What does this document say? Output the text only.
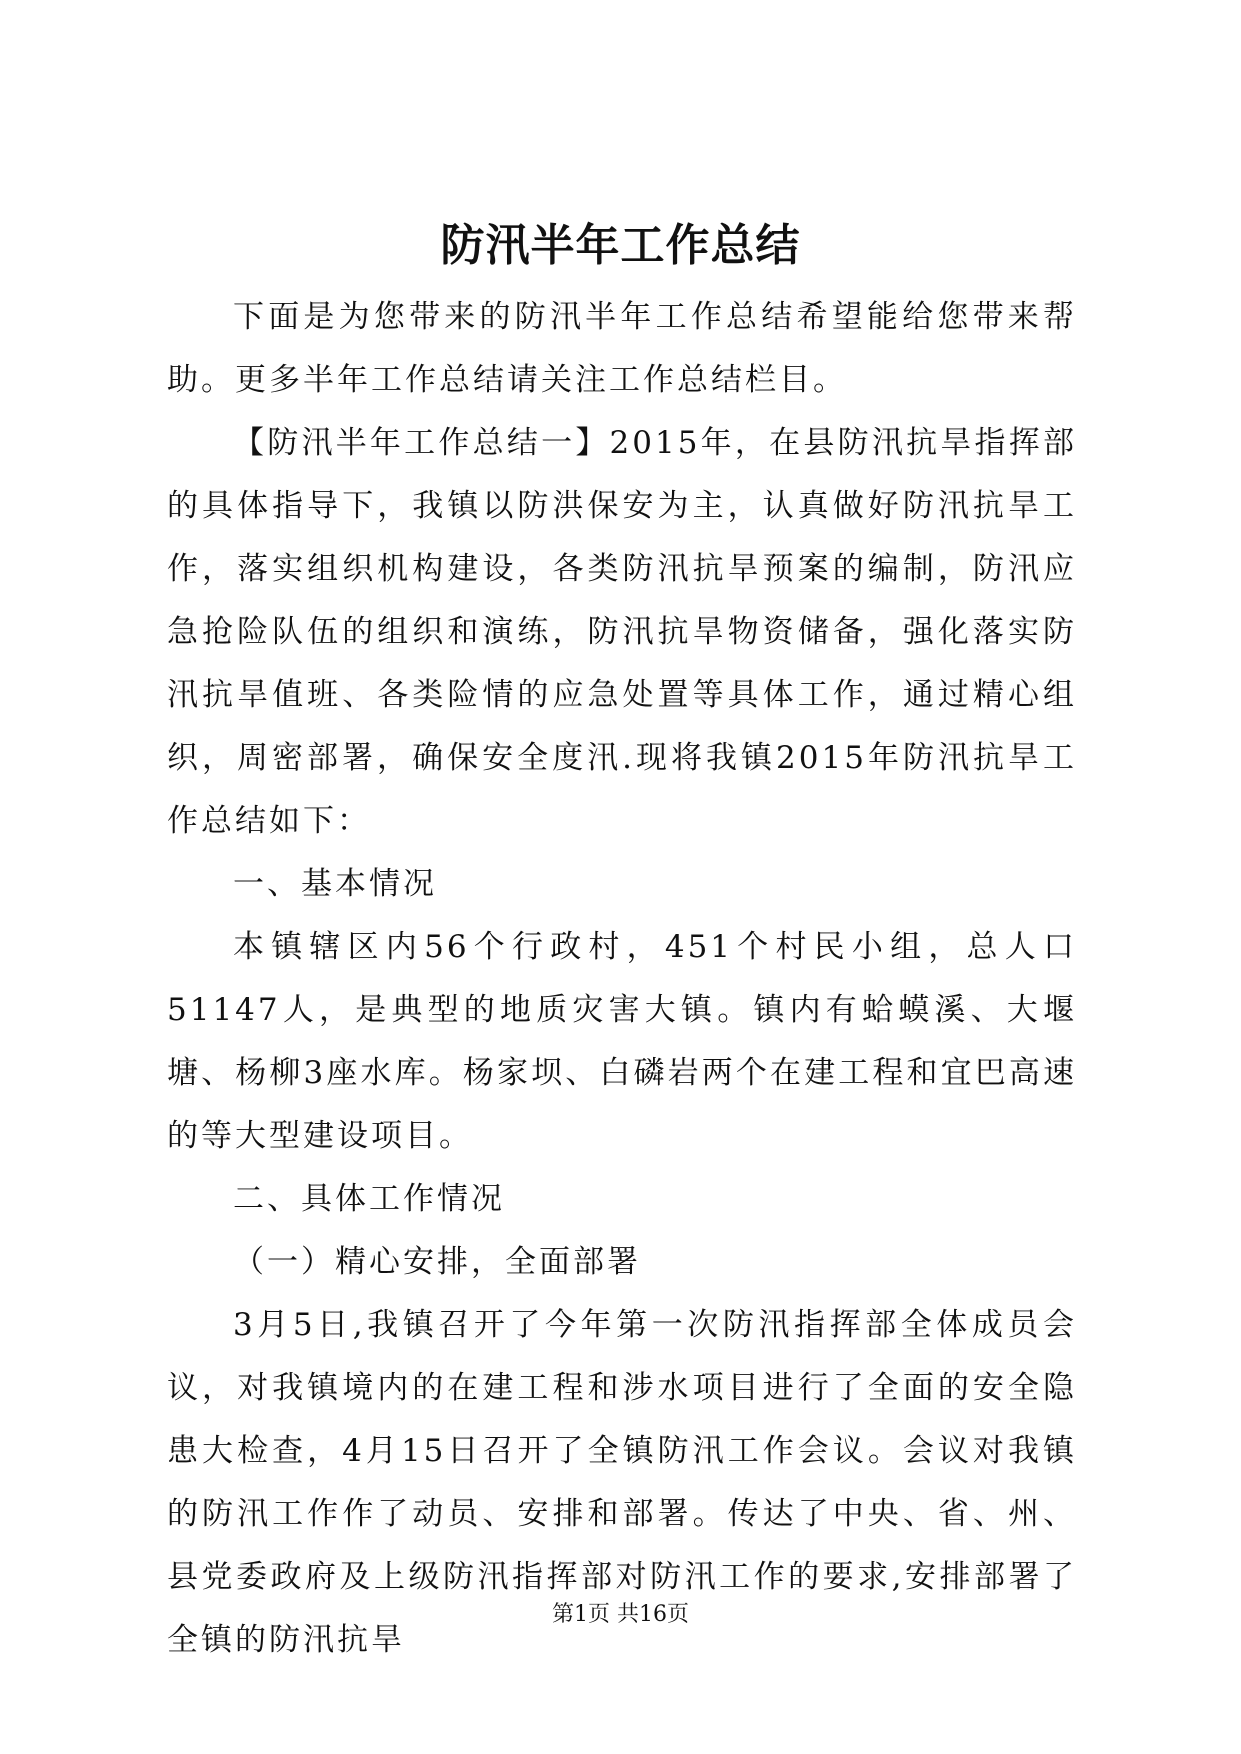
防汛半年工作总结

下面是为您带来的防汛半年工作总结希望能给您带来帮助。更多半年工作总结请关注工作总结栏目。

【防汛半年工作总结一】2015年，在县防汛抗旱指挥部的具体指导下，我镇以防洪保安为主，认真做好防汛抗旱工作，落实组织机构建设，各类防汛抗旱预案的编制，防汛应急抢险队伍的组织和演练，防汛抗旱物资储备，强化落实防汛抗旱值班、各类险情的应急处置等具体工作，通过精心组织，周密部署，确保安全度汛.现将我镇2015年防汛抗旱工作总结如下：

一、基本情况

本镇辖区内56个行政村，451个村民小组，总人口51147人，是典型的地质灾害大镇。镇内有蛤蟆溪、大堰塘、杨柳3座水库。杨家坝、白磷岩两个在建工程和宜巴高速的等大型建设项目。

二、具体工作情况

（一）精心安排，全面部署

3月5日,我镇召开了今年第一次防汛指挥部全体成员会议，对我镇境内的在建工程和涉水项目进行了全面的安全隐患大检查，4月15日召开了全镇防汛工作会议。会议对我镇的防汛工作作了动员、安排和部署。传达了中央、省、州、县党委政府及上级防汛指挥部对防汛工作的要求,安排部署了全镇的防汛抗旱

第1页 共16页
